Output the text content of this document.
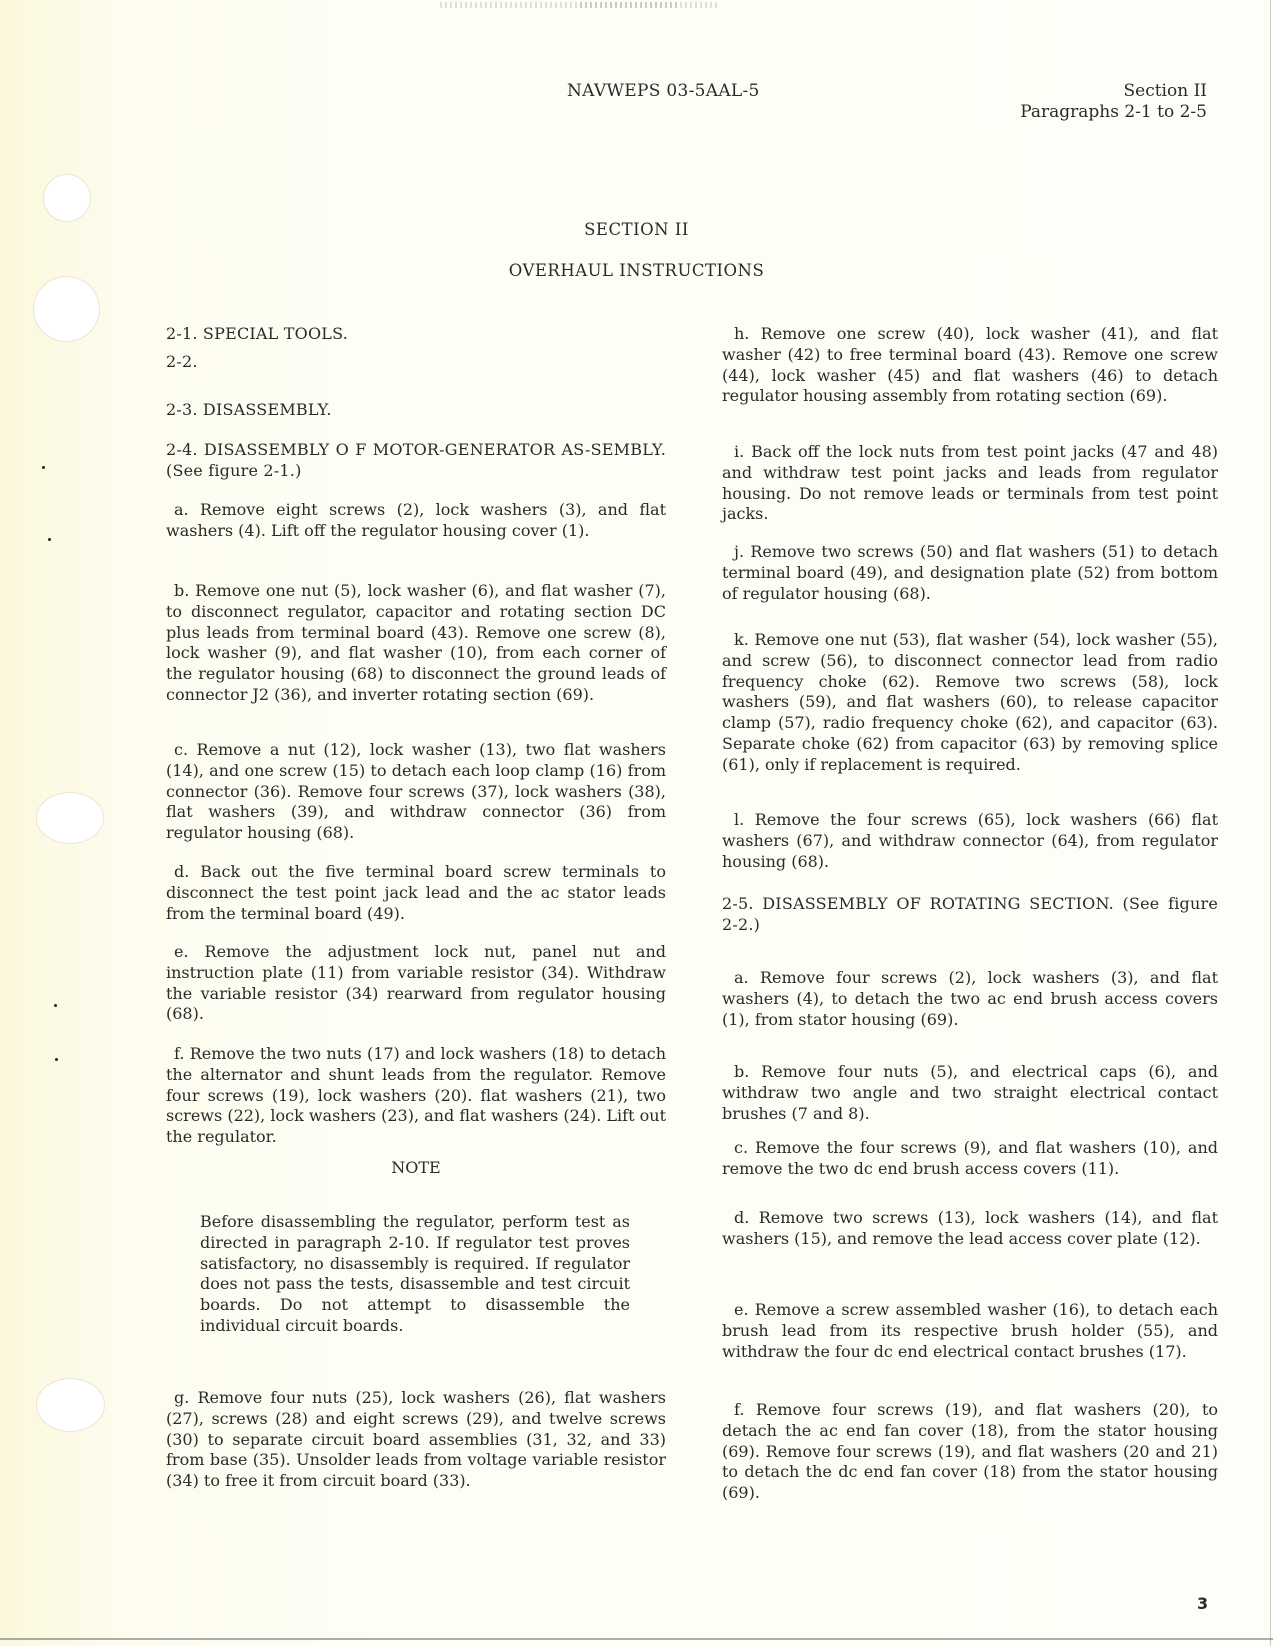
NAVWEPS 03-5AAL-5	Section II
Paragraphs 2-1 to 2-5
SECTION II
OVERHAUL INSTRUCTIONS

2-1. SPECIAL TOOLS.

2-2.

2-3. DISASSEMBLY.

2-4. DISASSEMBLY O F MOTOR-GENERATOR AS-SEMBLY. (See figure 2-1.)

a. Remove eight screws (2), lock washers (3), and flat washers (4). Lift off the regulator housing cover (1).

b. Remove one nut (5), lock washer (6), and flat washer (7), to disconnect regulator, capacitor and rotating section DC plus leads from terminal board (43). Remove one screw (8), lock washer (9), and flat washer (10), from each corner of the regulator housing (68) to disconnect the ground leads of connector J2 (36), and inverter rotating section (69).

c. Remove a nut (12), lock washer (13), two flat washers (14), and one screw (15) to detach each loop clamp (16) from connector (36). Remove four screws (37), lock washers (38), flat washers (39), and withdraw connector (36) from regulator housing (68).

d. Back out the five terminal board screw terminals to disconnect the test point jack lead and the ac stator leads from the terminal board (49).

e. Remove the adjustment lock nut, panel nut and instruction plate (11) from variable resistor (34). Withdraw the variable resistor (34) rearward from regulator housing (68).

f. Remove the two nuts (17) and lock washers (18) to detach the alternator and shunt leads from the regulator. Remove four screws (19), lock washers (20). flat washers (21), two screws (22), lock washers (23), and flat washers (24). Lift out the regulator.

NOTE

Before disassembling the regulator, perform test as directed in paragraph 2-10. If regulator test proves satisfactory, no disassembly is required. If regulator does not pass the tests, disassemble and test circuit boards. Do not attempt to disassemble the individual circuit boards.

g. Remove four nuts (25), lock washers (26), flat washers (27), screws (28) and eight screws (29), and twelve screws (30) to separate circuit board assemblies (31, 32, and 33) from base (35). Unsolder leads from voltage variable resistor (34) to free it from circuit board (33).

h. Remove one screw (40), lock washer (41), and flat washer (42) to free terminal board (43). Remove one screw (44), lock washer (45) and flat washers (46) to detach regulator housing assembly from rotating section (69).

i. Back off the lock nuts from test point jacks (47 and 48) and withdraw test point jacks and leads from regulator housing. Do not remove leads or terminals from test point jacks.

j. Remove two screws (50) and flat washers (51) to detach terminal board (49), and designation plate (52) from bottom of regulator housing (68).

k. Remove one nut (53), flat washer (54), lock washer (55), and screw (56), to disconnect connector lead from radio frequency choke (62). Remove two screws (58), lock washers (59), and flat washers (60), to release capacitor clamp (57), radio frequency choke (62), and capacitor (63). Separate choke (62) from capacitor (63) by removing splice (61), only if replacement is required.

l. Remove the four screws (65), lock washers (66) flat washers (67), and withdraw connector (64), from regulator housing (68).

2-5. DISASSEMBLY OF ROTATING SECTION. (See figure 2-2.)

a. Remove four screws (2), lock washers (3), and flat washers (4), to detach the two ac end brush access covers (1), from stator housing (69).

b. Remove four nuts (5), and electrical caps (6), and withdraw two angle and two straight electrical contact brushes (7 and 8).

c. Remove the four screws (9), and flat washers (10), and remove the two dc end brush access covers (11).

d. Remove two screws (13), lock washers (14), and flat washers (15), and remove the lead access cover plate (12).

e. Remove a screw assembled washer (16), to detach each brush lead from its respective brush holder (55), and withdraw the four dc end electrical contact brushes (17).

f. Remove four screws (19), and flat washers (20), to detach the ac end fan cover (18), from the stator housing (69). Remove four screws (19), and flat washers (20 and 21) to detach the dc end fan cover (18) from the stator housing (69).

3
